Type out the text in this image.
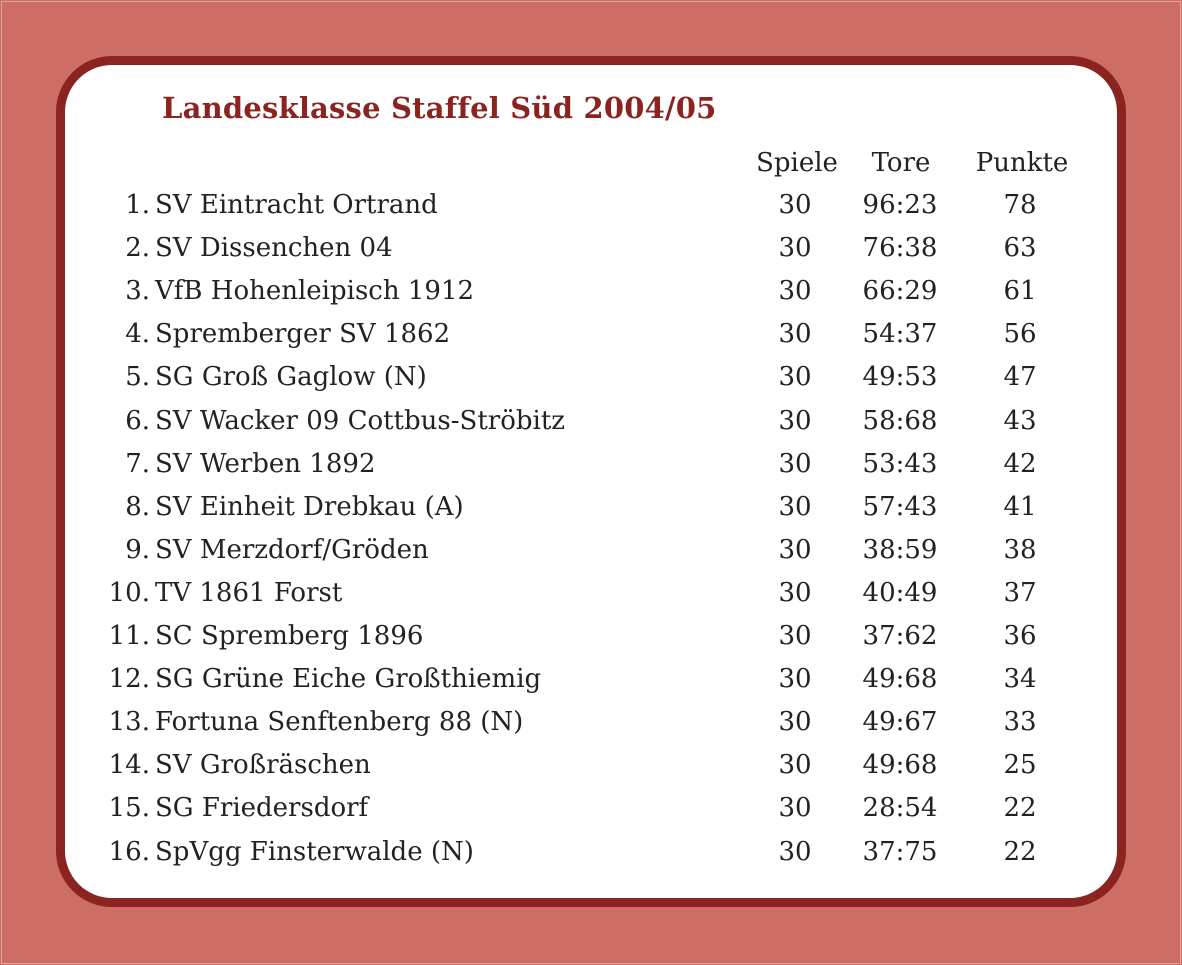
Landesklasse Staffel Süd 2004/05
Spiele	Tore	Punkte
1. SV Eintracht Ortrand	30	96:23	78
2. SV Dissenchen 04	30	76:38	63
3. VfB Hohenleipisch 1912	30	66:29	61
4. Spremberger SV 1862	30	54:37	56
5. SG Groß Gaglow (N)	30	49:53	47
6. SV Wacker 09 Cottbus-Ströbitz	30	58:68	43
7. SV Werben 1892	30	53:43	42
8. SV Einheit Drebkau (A)	30	57:43	41
9. SV Merzdorf/Gröden	30	38:59	38
10. TV 1861 Forst	30	40:49	37
11. SC Spremberg 1896	30	37:62	36
12. SG Grüne Eiche Großthiemig	30	49:68	34
13. Fortuna Senftenberg 88 (N)	30	49:67	33
14. SV Großräschen	30	49:68	25
15. SG Friedersdorf	30	28:54	22
16. SpVgg Finsterwalde (N)	30	37:75	22
